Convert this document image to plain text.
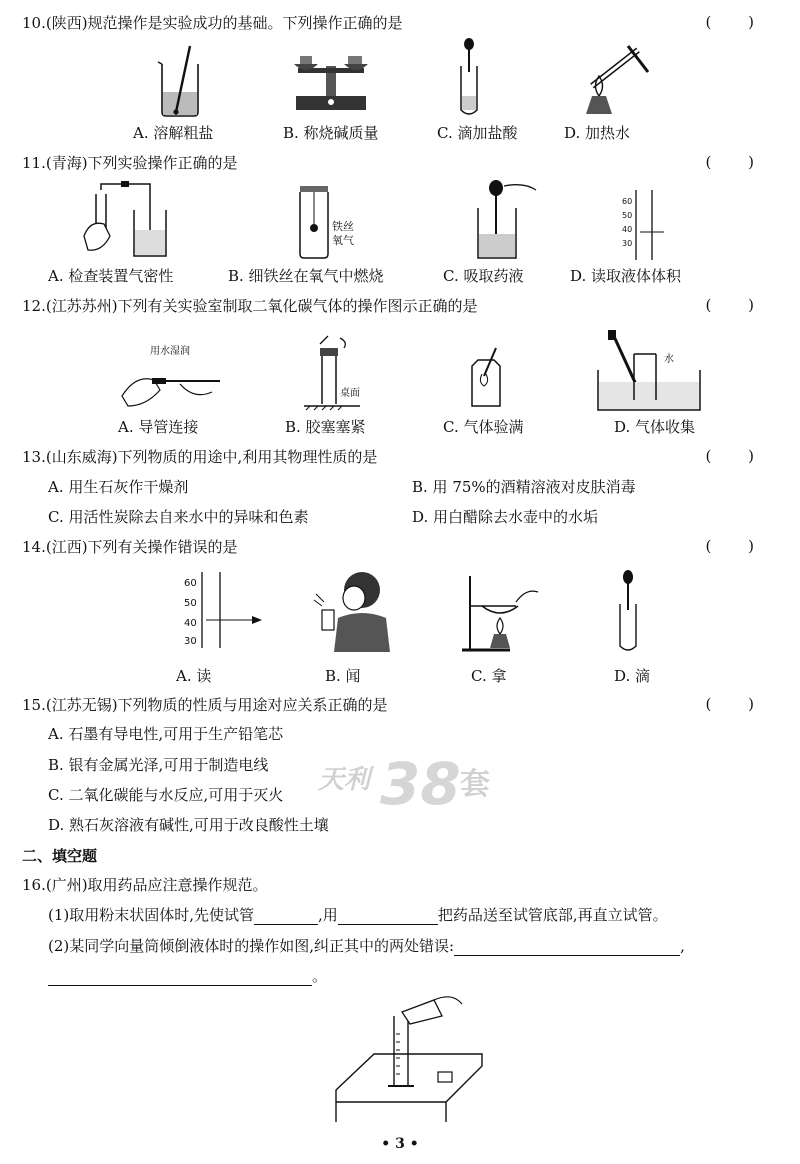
10.(陕西)规范操作是实验成功的基础。下列操作正确的是	( )
A. 溶解粗盐	B. 称烧碱质量	C. 滴加盐酸	D. 加热水
11.(青海)下列实验操作正确的是	( )
铁丝
氧气
60
50
40
30
A. 检查装置气密性	B. 细铁丝在氧气中燃烧	C. 吸取药液	D. 读取液体体积
12.(江苏苏州)下列有关实验室制取二氧化碳气体的操作图示正确的是	( )
用水湿润
桌面
水
A. 导管连接	B. 胶塞塞紧	C. 气体验满	D. 气体收集
13.(山东威海)下列物质的用途中,利用其物理性质的是	( )
A. 用生石灰作干燥剂	B. 用 75%的酒精溶液对皮肤消毒
C. 用活性炭除去自来水中的异味和色素	D. 用白醋除去水壶中的水垢
14.(江西)下列有关操作错误的是	( )
60
50
40
30
A. 读	B. 闻	C. 拿	D. 滴
15.(江苏无锡)下列物质的性质与用途对应关系正确的是	( )
A. 石墨有导电性,可用于生产铅笔芯
B. 银有金属光泽,可用于制造电线
C. 二氧化碳能与水反应,可用于灭火
D. 熟石灰溶液有碱性,可用于改良酸性土壤
天利 38 套
二、填空题
16.(广州)取用药品应注意操作规范。
(1)取用粉末状固体时,先使试管	,用	把药品送至试管底部,再直立试管。
(2)某同学向量筒倾倒液体时的操作如图,纠正其中的两处错误:	,
。
• 3 •
